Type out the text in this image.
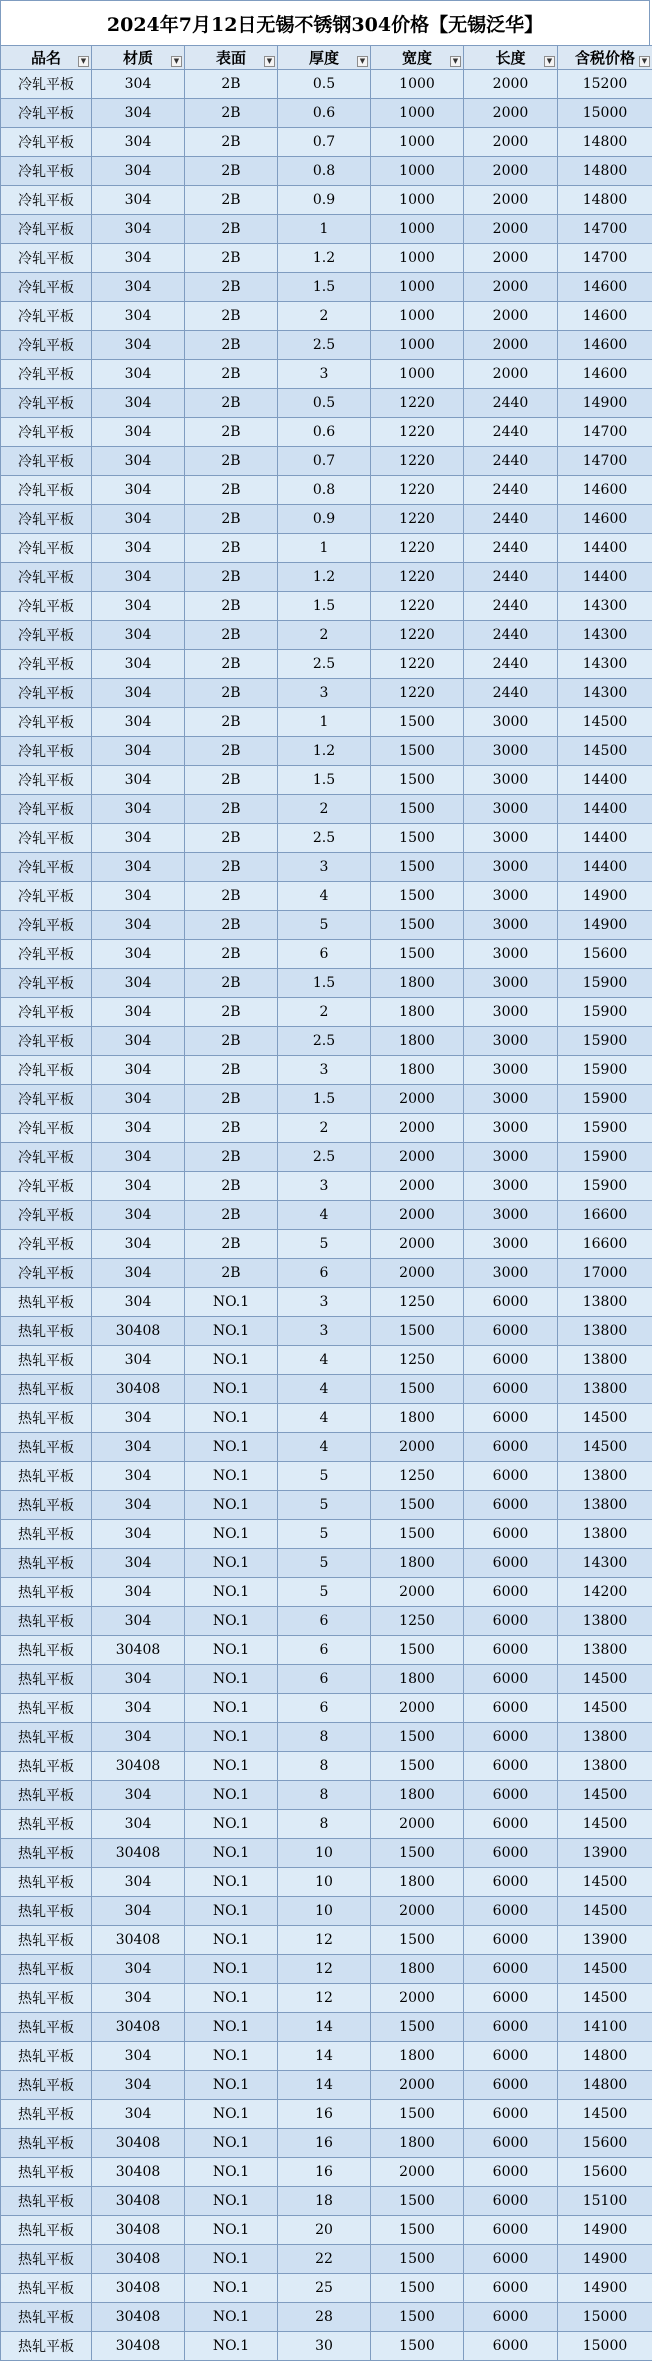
2024年7月12日无锡不锈钢304价格【无锡泛华】
品名 ▼	材质 ▼	表面 ▼	厚度 ▼	宽度 ▼	长度 ▼	含税价格 ▼

冷轧平板	304	2B	0.5	1000	2000	15200
冷轧平板	304	2B	0.6	1000	2000	15000
冷轧平板	304	2B	0.7	1000	2000	14800
冷轧平板	304	2B	0.8	1000	2000	14800
冷轧平板	304	2B	0.9	1000	2000	14800
冷轧平板	304	2B	1	1000	2000	14700
冷轧平板	304	2B	1.2	1000	2000	14700
冷轧平板	304	2B	1.5	1000	2000	14600
冷轧平板	304	2B	2	1000	2000	14600
冷轧平板	304	2B	2.5	1000	2000	14600
冷轧平板	304	2B	3	1000	2000	14600
冷轧平板	304	2B	0.5	1220	2440	14900
冷轧平板	304	2B	0.6	1220	2440	14700
冷轧平板	304	2B	0.7	1220	2440	14700
冷轧平板	304	2B	0.8	1220	2440	14600
冷轧平板	304	2B	0.9	1220	2440	14600
冷轧平板	304	2B	1	1220	2440	14400
冷轧平板	304	2B	1.2	1220	2440	14400
冷轧平板	304	2B	1.5	1220	2440	14300
冷轧平板	304	2B	2	1220	2440	14300
冷轧平板	304	2B	2.5	1220	2440	14300
冷轧平板	304	2B	3	1220	2440	14300
冷轧平板	304	2B	1	1500	3000	14500
冷轧平板	304	2B	1.2	1500	3000	14500
冷轧平板	304	2B	1.5	1500	3000	14400
冷轧平板	304	2B	2	1500	3000	14400
冷轧平板	304	2B	2.5	1500	3000	14400
冷轧平板	304	2B	3	1500	3000	14400
冷轧平板	304	2B	4	1500	3000	14900
冷轧平板	304	2B	5	1500	3000	14900
冷轧平板	304	2B	6	1500	3000	15600
冷轧平板	304	2B	1.5	1800	3000	15900
冷轧平板	304	2B	2	1800	3000	15900
冷轧平板	304	2B	2.5	1800	3000	15900
冷轧平板	304	2B	3	1800	3000	15900
冷轧平板	304	2B	1.5	2000	3000	15900
冷轧平板	304	2B	2	2000	3000	15900
冷轧平板	304	2B	2.5	2000	3000	15900
冷轧平板	304	2B	3	2000	3000	15900
冷轧平板	304	2B	4	2000	3000	16600
冷轧平板	304	2B	5	2000	3000	16600
冷轧平板	304	2B	6	2000	3000	17000
热轧平板	304	NO.1	3	1250	6000	13800
热轧平板	30408	NO.1	3	1500	6000	13800
热轧平板	304	NO.1	4	1250	6000	13800
热轧平板	30408	NO.1	4	1500	6000	13800
热轧平板	304	NO.1	4	1800	6000	14500
热轧平板	304	NO.1	4	2000	6000	14500
热轧平板	304	NO.1	5	1250	6000	13800
热轧平板	304	NO.1	5	1500	6000	13800
热轧平板	304	NO.1	5	1500	6000	13800
热轧平板	304	NO.1	5	1800	6000	14300
热轧平板	304	NO.1	5	2000	6000	14200
热轧平板	304	NO.1	6	1250	6000	13800
热轧平板	30408	NO.1	6	1500	6000	13800
热轧平板	304	NO.1	6	1800	6000	14500
热轧平板	304	NO.1	6	2000	6000	14500
热轧平板	304	NO.1	8	1500	6000	13800
热轧平板	30408	NO.1	8	1500	6000	13800
热轧平板	304	NO.1	8	1800	6000	14500
热轧平板	304	NO.1	8	2000	6000	14500
热轧平板	30408	NO.1	10	1500	6000	13900
热轧平板	304	NO.1	10	1800	6000	14500
热轧平板	304	NO.1	10	2000	6000	14500
热轧平板	30408	NO.1	12	1500	6000	13900
热轧平板	304	NO.1	12	1800	6000	14500
热轧平板	304	NO.1	12	2000	6000	14500
热轧平板	30408	NO.1	14	1500	6000	14100
热轧平板	304	NO.1	14	1800	6000	14800
热轧平板	304	NO.1	14	2000	6000	14800
热轧平板	304	NO.1	16	1500	6000	14500
热轧平板	30408	NO.1	16	1800	6000	15600
热轧平板	30408	NO.1	16	2000	6000	15600
热轧平板	30408	NO.1	18	1500	6000	15100
热轧平板	30408	NO.1	20	1500	6000	14900
热轧平板	30408	NO.1	22	1500	6000	14900
热轧平板	30408	NO.1	25	1500	6000	14900
热轧平板	30408	NO.1	28	1500	6000	15000
热轧平板	30408	NO.1	30	1500	6000	15000
